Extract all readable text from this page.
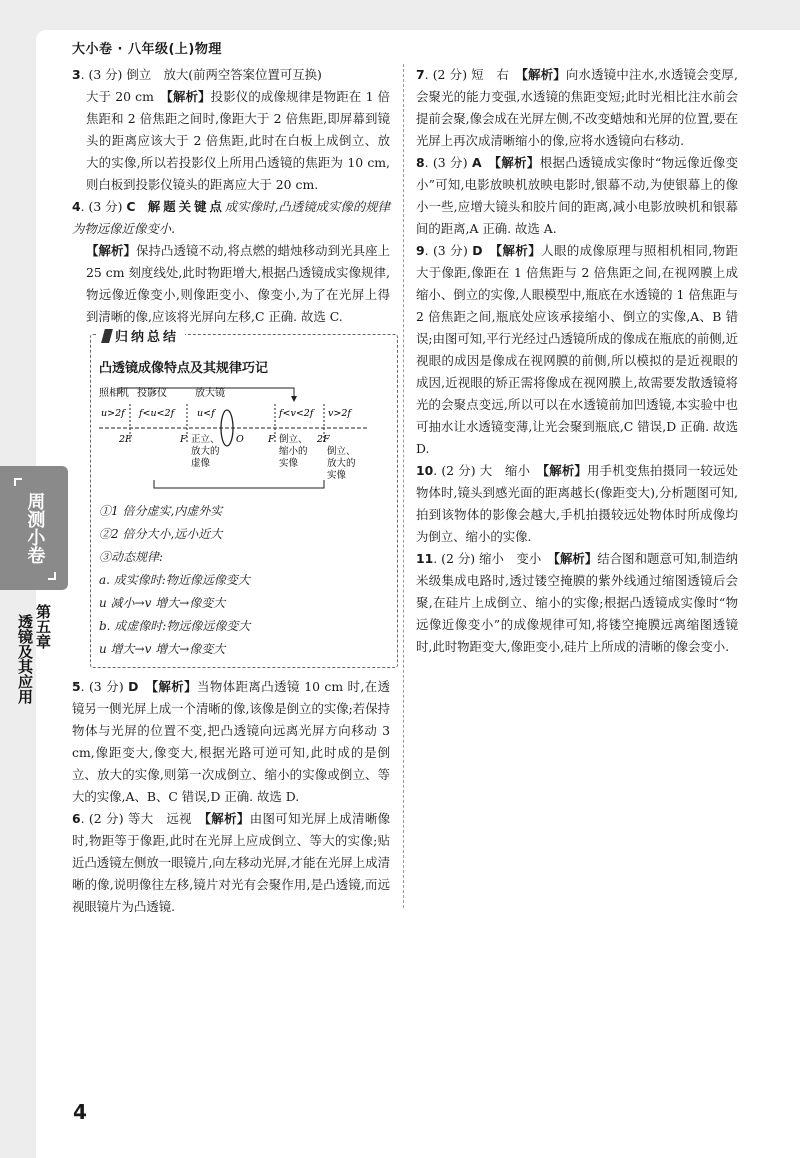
大小卷 · 八年级(上)物理
周测小卷
第五章
透镜及其应用
3. (3 分) 倒立　放大(前两空答案位置可互换)
大于 20 cm　【解析】投影仪的成像规律是物距在 1 倍焦距和 2 倍焦距之间时,像距大于 2 倍焦距,即屏幕到镜头的距离应该大于 2 倍焦距,此时在白板上成倒立、放大的实像,所以若投影仪上所用凸透镜的焦距为 10 cm,则白板到投影仪镜头的距离应大于 20 cm.
4. (3 分) C　 解题关键点成实像时,凸透镜成实像的规律为物远像近像变小.
【解析】保持凸透镜不动,将点燃的蜡烛移动到光具座上 25 cm 刻度线处,此时物距增大,根据凸透镜成实像规律,物远像近像变小,则像距变小、像变小,为了在光屏上得到清晰的像,应该将光屏向左移,C 正确. 故选 C.
归纳总结
凸透镜成像特点及其规律巧记
照相机 投影仪	放大镜
u>2f f<u<2f u<f	f<v<2f v>2f
2F	F	O	F	2F
正立、
放大的
虚像
倒立、
缩小的
实像
倒立、
放大的
实像
①1 倍分虚实,内虚外实
②2 倍分大小,远小近大
③动态规律:
a. 成实像时:物近像远像变大
u 减小→v 增大→像变大
b. 成虚像时:物远像远像变大
u 增大→v 增大→像变大
5. (3 分) D　 【解析】当物体距离凸透镜 10 cm 时,在透镜另一侧光屏上成一个清晰的像,该像是倒立的实像;若保持物体与光屏的位置不变,把凸透镜向远离光屏方向移动 3 cm,像距变大,像变大,根据光路可逆可知,此时成的是倒立、放大的实像,则第一次成倒立、缩小的实像或倒立、等大的实像,A、B、C 错误,D 正确. 故选 D.
6. (2 分) 等大　远视　【解析】由图可知光屏上成清晰像时,物距等于像距,此时在光屏上应成倒立、等大的实像;贴近凸透镜左侧放一眼镜片,向左移动光屏,才能在光屏上成清晰的像,说明像往左移,镜片对光有会聚作用,是凸透镜,而远视眼镜片为凸透镜.
7. (2 分) 短　右　【解析】向水透镜中注水,水透镜会变厚,会聚光的能力变强,水透镜的焦距变短;此时光相比注水前会提前会聚,像会成在光屏左侧,不改变蜡烛和光屏的位置,要在光屏上再次成清晰缩小的像,应将水透镜向右移动.
8. (3 分) A　 【解析】根据凸透镜成实像时“物远像近像变小”可知,电影放映机放映电影时,银幕不动,为使银幕上的像小一些,应增大镜头和胶片间的距离,减小电影放映机和银幕间的距离,A 正确. 故选 A.
9. (3 分) D　 【解析】人眼的成像原理与照相机相同,物距大于像距,像距在 1 倍焦距与 2 倍焦距之间,在视网膜上成缩小、倒立的实像,人眼模型中,瓶底在水透镜的 1 倍焦距与 2 倍焦距之间,瓶底处应该承接缩小、倒立的实像,A、B 错误;由图可知,平行光经过凸透镜所成的像成在瓶底的前侧,近视眼的成因是像成在视网膜的前侧,所以模拟的是近视眼的成因,近视眼的矫正需将像成在视网膜上,故需要发散透镜将光的会聚点变远,所以可以在水透镜前加凹透镜,本实验中也可抽水让水透镜变薄,让光会聚到瓶底,C 错误,D 正确. 故选 D.
10. (2 分) 大　缩小　【解析】用手机变焦拍摄同一较远处物体时,镜头到感光面的距离越长(像距变大),分析题图可知,拍到该物体的影像会越大,手机拍摄较远处物体时所成像均为倒立、缩小的实像.
11. (2 分) 缩小　变小　【解析】结合图和题意可知,制造纳米级集成电路时,透过镂空掩膜的紫外线通过缩图透镜后会聚,在硅片上成倒立、缩小的实像;根据凸透镜成实像时“物远像近像变小”的成像规律可知,将镂空掩膜远离缩图透镜时,此时物距变大,像距变小,硅片上所成的清晰的像会变小.
4
